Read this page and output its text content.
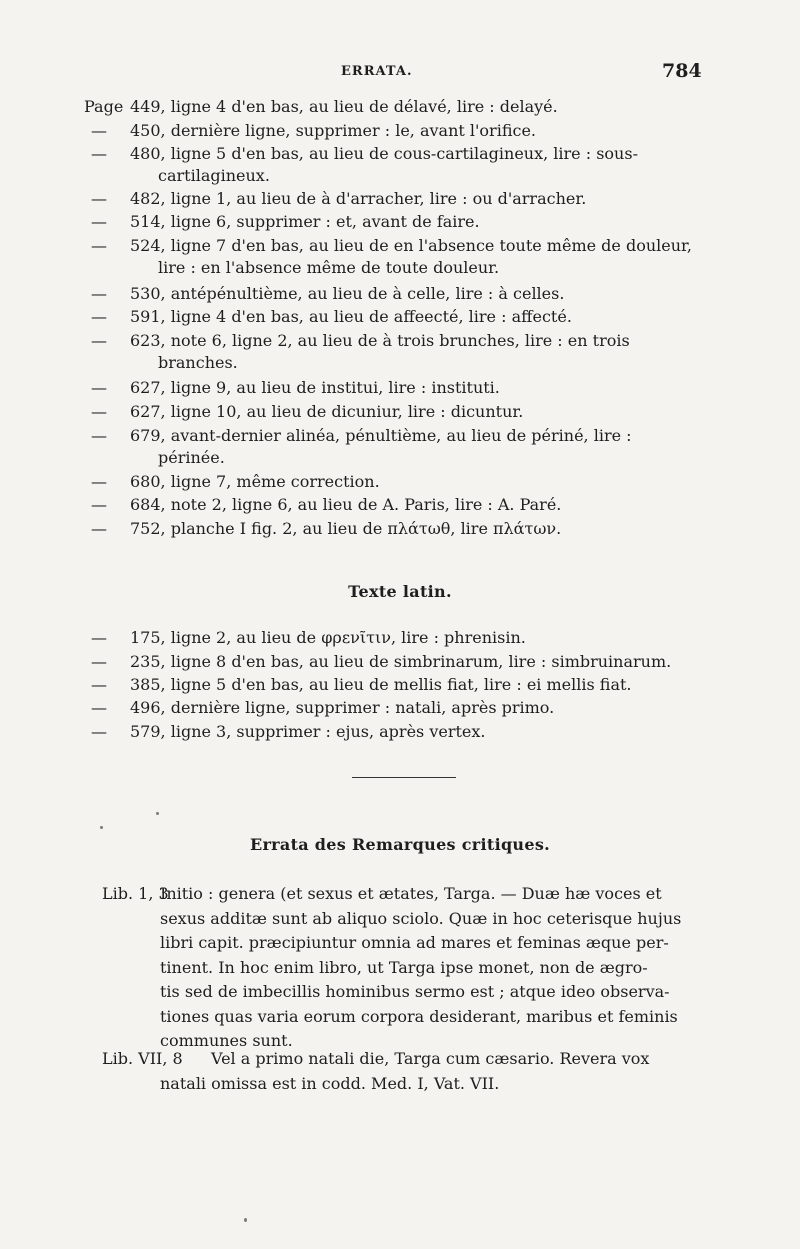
ERRATA.	784
Page 449, ligne 4 d'en bas, au lieu de délavé, lire : delayé.
— 450, dernière ligne, supprimer : le, avant l'orifice.
— 480, ligne 5 d'en bas, au lieu de cous-cartilagineux, lire : sous-
cartilagineux.
— 482, ligne 1, au lieu de à d'arracher, lire : ou d'arracher.
— 514, ligne 6, supprimer : et, avant de faire.
— 524, ligne 7 d'en bas, au lieu de en l'absence toute même de douleur,
lire : en l'absence même de toute douleur.
— 530, antépénultième, au lieu de à celle, lire : à celles.
— 591, ligne 4 d'en bas, au lieu de affeecté, lire : affecté.
— 623, note 6, ligne 2, au lieu de à trois brunches, lire : en trois
branches.
— 627, ligne 9, au lieu de institui, lire : instituti.
— 627, ligne 10, au lieu de dicuniur, lire : dicuntur.
— 679, avant-dernier alinéa, pénultième, au lieu de périné, lire :
périnée.
— 680, ligne 7, même correction.
— 684, note 2, ligne 6, au lieu de A. Paris, lire : A. Paré.
— 752, planche I fig. 2, au lieu de πλάτωθ, lire πλάτων.
Texte latin.
— 175, ligne 2, au lieu de φρενῖτιν, lire : phrenisin.
— 235, ligne 8 d'en bas, au lieu de simbrinarum, lire : simbruinarum.
— 385, ligne 5 d'en bas, au lieu de mellis fiat, lire : ei mellis fiat.
— 496, dernière ligne, supprimer : natali, après primo.
— 579, ligne 3, supprimer : ejus, après vertex.
Errata des Remarques critiques.
Lib. 1, 3
Initio : genera (et sexus et ætates, Targa. — Duæ hæ voces et
sexus additæ sunt ab aliquo sciolo. Quæ in hoc ceterisque hujus
libri capit. præcipiuntur omnia ad mares et feminas æque per-
tinent. In hoc enim libro, ut Targa ipse monet, non de ægro-
tis sed de imbecillis hominibus sermo est ; atque ideo observa-
tiones quas varia eorum corpora desiderant, maribus et feminis
communes sunt.
Lib. VII, 8 Vel a primo natali die, Targa cum cæsario. Revera vox
natali omissa est in codd. Med. I, Vat. VII.
